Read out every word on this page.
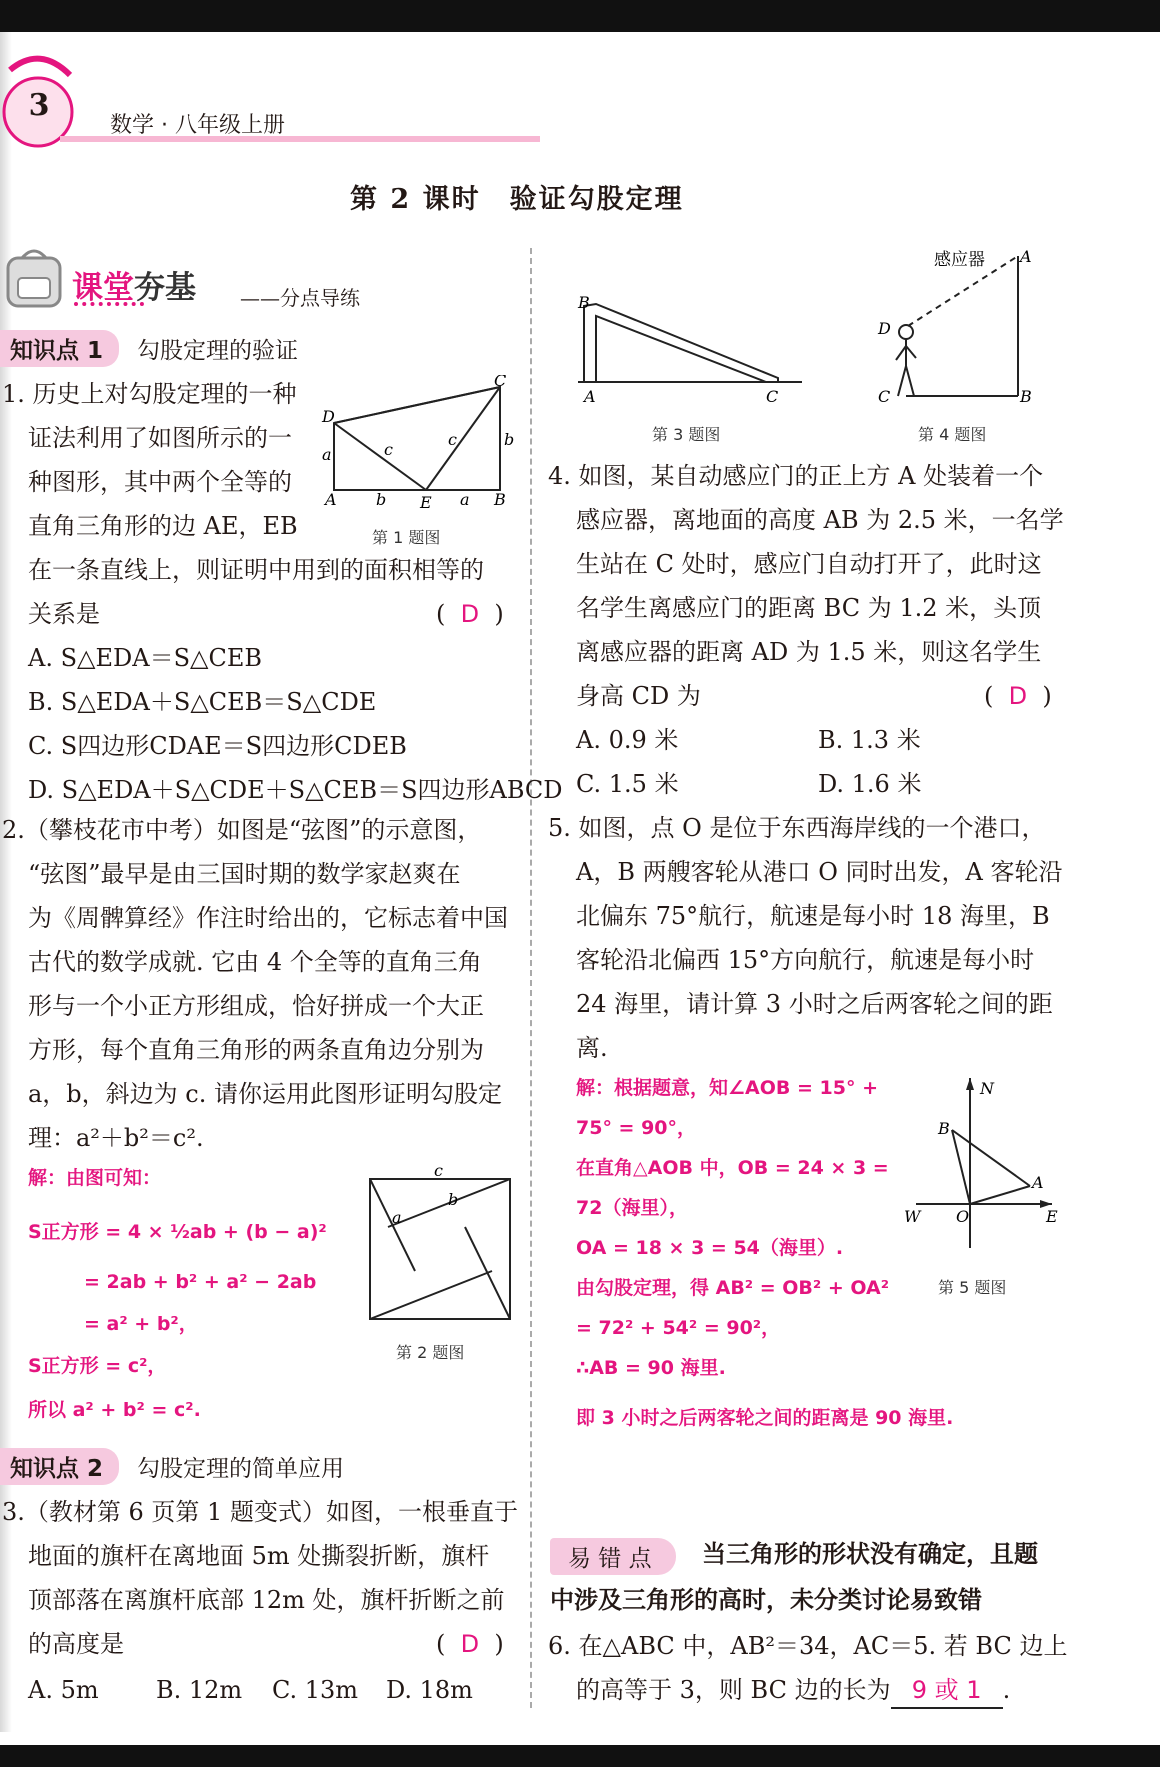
3
数学 · 八年级上册
第 2 课时　验证勾股定理
课堂夯基 ——分点导练
知识点 1 勾股定理的验证
1. 历史上对勾股定理的一种
证法利用了如图所示的一
种图形，其中两个全等的
直角三角形的边 AE，EB
在一条直线上，则证明中用到的面积相等的
关系是	(  D  )
A. S△EDA＝S△CEB
B. S△EDA＋S△CEB＝S△CDE
C. S四边形CDAE＝S四边形CDEB
D. S△EDA＋S△CDE＋S△CEB＝S四边形ABCD
D
C
A	E	B
a
a
b
b
c
c
第 1 题图
2.（攀枝花市中考）如图是“弦图”的示意图，
“弦图”最早是由三国时期的数学家赵爽在
为《周髀算经》作注时给出的，它标志着中国
古代的数学成就. 它由 4 个全等的直角三角
形与一个小正方形组成，恰好拼成一个大正
方形，每个直角三角形的两条直角边分别为
a，b，斜边为 c. 请你运用此图形证明勾股定
理：a²＋b²＝c².
解：由图可知：
S正方形 = 4 × ½ab + (b − a)²
= 2ab + b² + a² − 2ab
= a² + b²，
S正方形 = c²，
所以 a² + b² = c².
c
a
b
第 2 题图
知识点 2 勾股定理的简单应用
3.（教材第 6 页第 1 题变式）如图，一根垂直于
地面的旗杆在离地面 5m 处撕裂折断，旗杆
顶部落在离旗杆底部 12m 处，旗杆折断之前
的高度是	(  D  )
A. 5m B. 12m C. 13m D. 18m
B
A	C
第 3 题图
感应器 A
D
C	B
第 4 题图
4. 如图，某自动感应门的正上方 A 处装着一个
感应器，离地面的高度 AB 为 2.5 米，一名学
生站在 C 处时，感应门自动打开了，此时这
名学生离感应门的距离 BC 为 1.2 米，头顶
离感应器的距离 AD 为 1.5 米，则这名学生
身高 CD 为	(  D  )
A. 0.9 米	B. 1.3 米
C. 1.5 米	D. 1.6 米
5. 如图，点 O 是位于东西海岸线的一个港口，
A，B 两艘客轮从港口 O 同时出发，A 客轮沿
北偏东 75°航行，航速是每小时 18 海里，B
客轮沿北偏西 15°方向航行，航速是每小时
24 海里，请计算 3 小时之后两客轮之间的距
离.
解：根据题意，知∠AOB = 15° +
75° = 90°，
在直角△AOB 中，OB = 24 × 3 =
72（海里），
OA = 18 × 3 = 54（海里）.
由勾股定理，得 AB² = OB² + OA²
= 72² + 54² = 90²，
∴AB = 90 海里.
即 3 小时之后两客轮之间的距离是 90 海里.
N
B
A
W O	E
第 5 题图
易 错 点	当三角形的形状没有确定，且题
中涉及三角形的高时，未分类讨论易致错
6. 在△ABC 中，AB²＝34，AC＝5. 若 BC 边上
的高等于 3，则 BC 边的长为 9 或 1 .
